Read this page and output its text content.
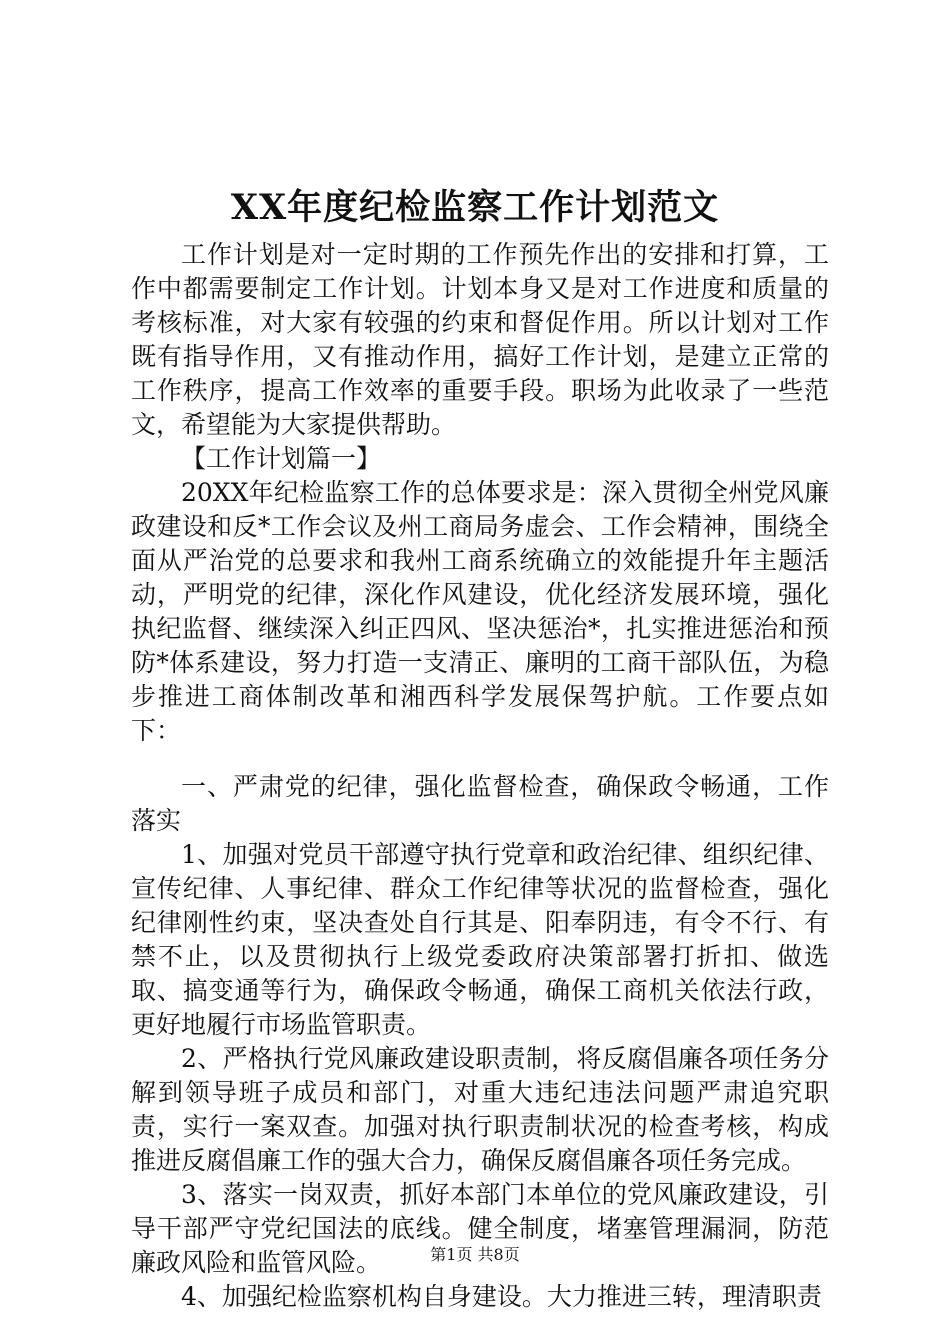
XX年度纪检监察工作计划范文

工作计划是对一定时期的工作预先作出的安排和打算，工作中都需要制定工作计划。计划本身又是对工作进度和质量的考核标准，对大家有较强的约束和督促作用。所以计划对工作既有指导作用，又有推动作用，搞好工作计划，是建立正常的工作秩序，提高工作效率的重要手段。职场为此收录了一些范文，希望能为大家提供帮助。

【工作计划篇一】

20XX年纪检监察工作的总体要求是：深入贯彻全州党风廉政建设和反*工作会议及州工商局务虚会、工作会精神，围绕全面从严治党的总要求和我州工商系统确立的效能提升年主题活动，严明党的纪律，深化作风建设，优化经济发展环境，强化执纪监督、继续深入纠正四风、坚决惩治*，扎实推进惩治和预防*体系建设，努力打造一支清正、廉明的工商干部队伍，为稳步推进工商体制改革和湘西科学发展保驾护航。工作要点如下：

一、严肃党的纪律，强化监督检查，确保政令畅通，工作落实

1、加强对党员干部遵守执行党章和政治纪律、组织纪律、宣传纪律、人事纪律、群众工作纪律等状况的监督检查，强化纪律刚性约束，坚决查处自行其是、阳奉阴违，有令不行、有禁不止，以及贯彻执行上级党委政府决策部署打折扣、做选取、搞变通等行为，确保政令畅通，确保工商机关依法行政，更好地履行市场监管职责。

2、严格执行党风廉政建设职责制，将反腐倡廉各项任务分解到领导班子成员和部门，对重大违纪违法问题严肃追究职责，实行一案双查。加强对执行职责制状况的检查考核，构成推进反腐倡廉工作的强大合力，确保反腐倡廉各项任务完成。

3、落实一岗双责，抓好本部门本单位的党风廉政建设，引导干部严守党纪国法的底线。健全制度，堵塞管理漏洞，防范廉政风险和监管风险。

4、加强纪检监察机构自身建设。大力推进三转，理清职责

第1页 共8页
